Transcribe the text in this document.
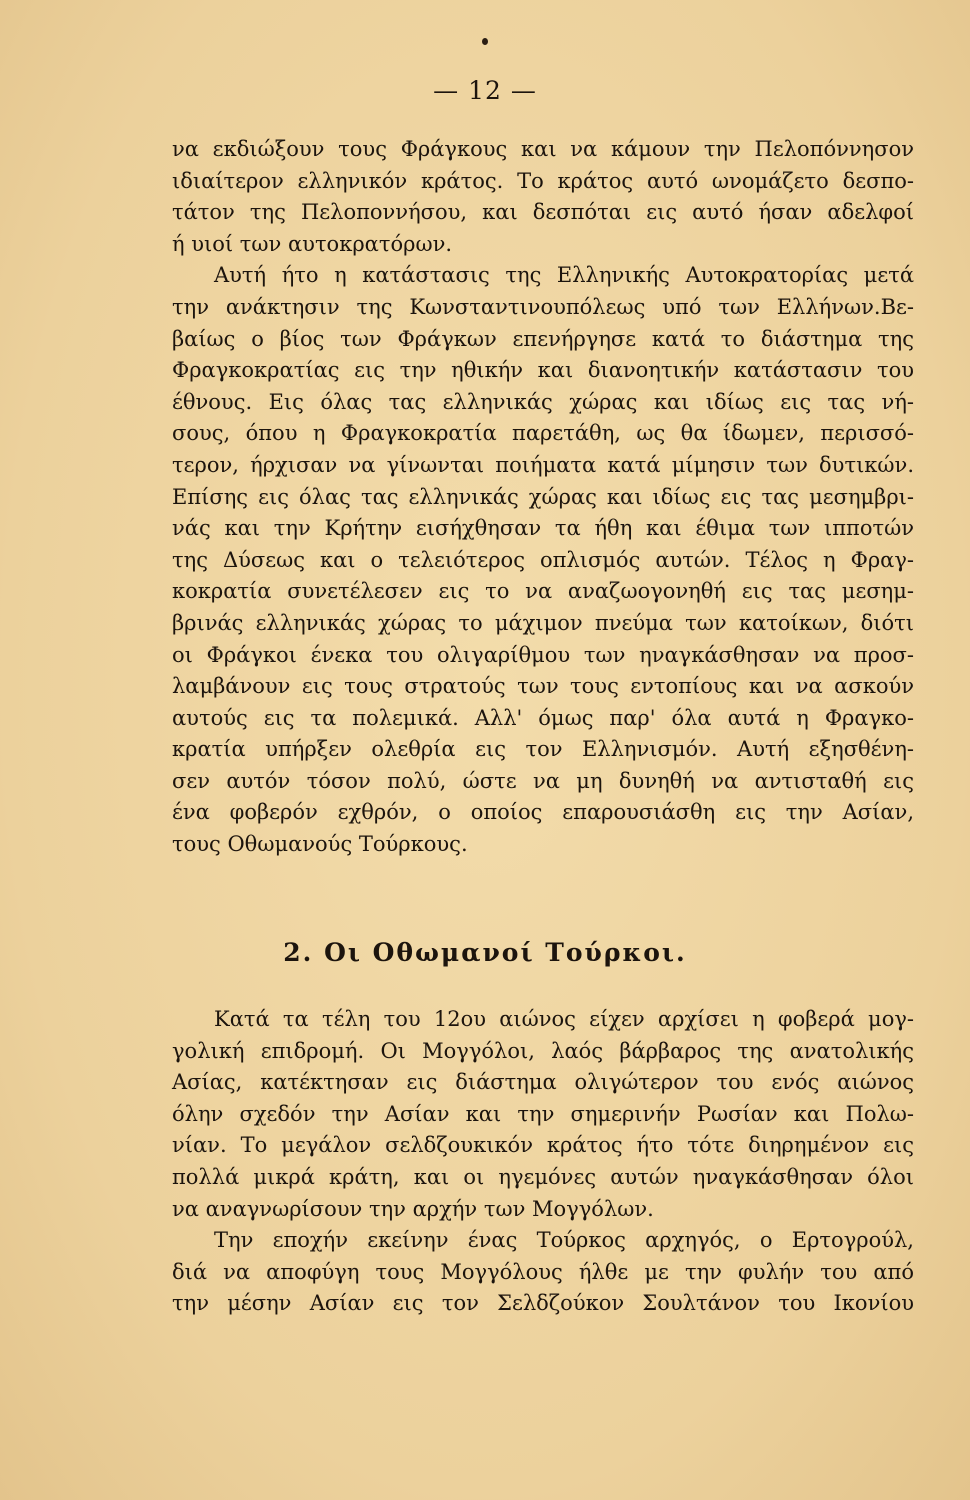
— 12 —
να εκδιώξουν τους Φράγκους και να κάμουν την Πελοπόννησον
ιδιαίτερον ελληνικόν κράτος. Το κράτος αυτό ωνομάζετο δεσπο-
τάτον της Πελοποννήσου, και δεσπόται εις αυτό ήσαν αδελφοί
ή υιοί των αυτοκρατόρων.
Αυτή ήτο η κατάστασις της Ελληνικής Αυτοκρατορίας μετά
την ανάκτησιν της Κωνσταντινουπόλεως υπό των Ελλήνων.Βε-
βαίως ο βίος των Φράγκων επενήργησε κατά το διάστημα της
Φραγκοκρατίας εις την ηθικήν και διανοητικήν κατάστασιν του
έθνους. Εις όλας τας ελληνικάς χώρας και ιδίως εις τας νή-
σους, όπου η Φραγκοκρατία παρετάθη, ως θα ίδωμεν, περισσό-
τερον, ήρχισαν να γίνωνται ποιήματα κατά μίμησιν των δυτικών.
Επίσης εις όλας τας ελληνικάς χώρας και ιδίως εις τας μεσημβρι-
νάς και την Κρήτην εισήχθησαν τα ήθη και έθιμα των ιπποτών
της Δύσεως και ο τελειότερος οπλισμός αυτών. Τέλος η Φραγ-
κοκρατία συνετέλεσεν εις το να αναζωογονηθή εις τας μεσημ-
βρινάς ελληνικάς χώρας το μάχιμον πνεύμα των κατοίκων, διότι
οι Φράγκοι ένεκα του ολιγαρίθμου των ηναγκάσθησαν να προσ-
λαμβάνουν εις τους στρατούς των τους εντοπίους και να ασκούν
αυτούς εις τα πολεμικά. Αλλ' όμως παρ' όλα αυτά η Φραγκο-
κρατία υπήρξεν ολεθρία εις τον Ελληνισμόν. Αυτή εξησθένη-
σεν αυτόν τόσον πολύ, ώστε να μη δυνηθή να αντισταθή εις
ένα φοβερόν εχθρόν, ο οποίος επαρουσιάσθη εις την Ασίαν,
τους Οθωμανούς Τούρκους.
2. Οι Οθωμανοί Τούρκοι.
Κατά τα τέλη του 12ου αιώνος είχεν αρχίσει η φοβερά μογ-
γολική επιδρομή. Οι Μογγόλοι, λαός βάρβαρος της ανατολικής
Ασίας, κατέκτησαν εις διάστημα ολιγώτερον του ενός αιώνος
όλην σχεδόν την Ασίαν και την σημερινήν Ρωσίαν και Πολω-
νίαν. Το μεγάλον σελδζουκικόν κράτος ήτο τότε διηρημένον εις
πολλά μικρά κράτη, και οι ηγεμόνες αυτών ηναγκάσθησαν όλοι
να αναγνωρίσουν την αρχήν των Μογγόλων.
Την εποχήν εκείνην ένας Τούρκος αρχηγός, ο Ερτογρούλ,
διά να αποφύγη τους Μογγόλους ήλθε με την φυλήν του από
την μέσην Ασίαν εις τον Σελδζούκον Σουλτάνον του Ικονίου
